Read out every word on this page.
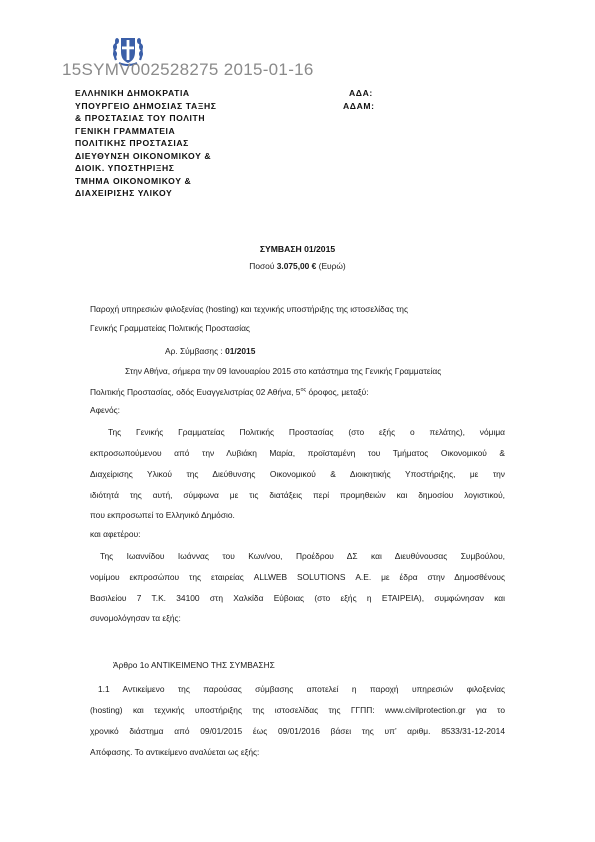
15SYMV002528275 2015-01-16
ΕΛΛΗΝΙΚΗ ΔΗΜΟΚΡΑΤΙΑ
ΥΠΟΥΡΓΕΙΟ ΔΗΜΟΣΙΑΣ ΤΑΞΗΣ
& ΠΡΟΣΤΑΣΙΑΣ ΤΟΥ ΠΟΛΙΤΗ
ΓΕΝΙΚΗ ΓΡΑΜΜΑΤΕΙΑ
ΠΟΛΙΤΙΚΗΣ ΠΡΟΣΤΑΣΙΑΣ
ΔΙΕΥΘΥΝΣΗ ΟΙΚΟΝΟΜΙΚΟΥ &
ΔΙΟΙΚ. ΥΠΟΣΤΗΡΙΞΗΣ
ΤΜΗΜΑ ΟΙΚΟΝΟΜΙΚΟΥ &
ΔΙΑΧΕΙΡΙΣΗΣ ΥΛΙΚΟΥ
ΑΔΑ:
ΑΔΑΜ:
ΣΥΜΒΑΣΗ 01/2015
Ποσού 3.075,00 € (Ευρώ)
Παροχή υπηρεσιών φιλοξενίας (hosting) και τεχνικής υποστήριξης της ιστοσελίδας της
Γενικής Γραμματείας Πολιτικής Προστασίας
Αρ. Σύμβασης : 01/2015
Στην Αθήνα, σήμερα την 09 Ιανουαρίου 2015 στο κατάστημα της Γενικής Γραμματείας
Πολιτικής Προστασίας, οδός Ευαγγελιστρίας 02 Αθήνα, $5^{o\varsigma}$ όροφος, μεταξύ:
Αφενός:
Της Γενικής Γραμματείας Πολιτικής Προστασίας (στο εξής ο πελάτης), νόμιμα
εκπροσωπούμενου από την Λυβιάκη Μαρία, προϊσταμένη του Τμήματος Οικονομικού &
Διαχείρισης Υλικού της Διεύθυνσης Οικονομικού & Διοικητικής Υποστήριξης, με την
ιδιότητά της αυτή, σύμφωνα με τις διατάξεις περί προμηθειών και δημοσίου λογιστικού,
που εκπροσωπεί το Ελληνικό Δημόσιο.
και αφετέρου:
Της Ιωαννίδου Ιωάννας του Κων/νου, Προέδρου ΔΣ και Διευθύνουσας Συμβούλου,
νομίμου εκπροσώπου της εταιρείας ALLWEB SOLUTIONS Α.Ε. με έδρα στην Δημοσθένους
Βασιλείου 7 Τ.Κ. 34100 στη Χαλκίδα Εύβοιας (στο εξής η ΕΤΑΙΡΕΙΑ), συμφώνησαν και
συνομολόγησαν τα εξής:
Άρθρο 1ο ΑΝΤΙΚΕΙΜΕΝΟ ΤΗΣ ΣΥΜΒΑΣΗΣ
1.1 Αντικείμενο της παρούσας σύμβασης αποτελεί η παροχή υπηρεσιών φιλοξενίας
(hosting) και τεχνικής υποστήριξης της ιστοσελίδας της ΓΓΠΠ: www.civilprotection.gr για το
χρονικό διάστημα από 09/01/2015 έως 09/01/2016 βάσει της υπ’ αριθμ. 8533/31-12-2014
Απόφασης. Το αντικείμενο αναλύεται ως εξής:
